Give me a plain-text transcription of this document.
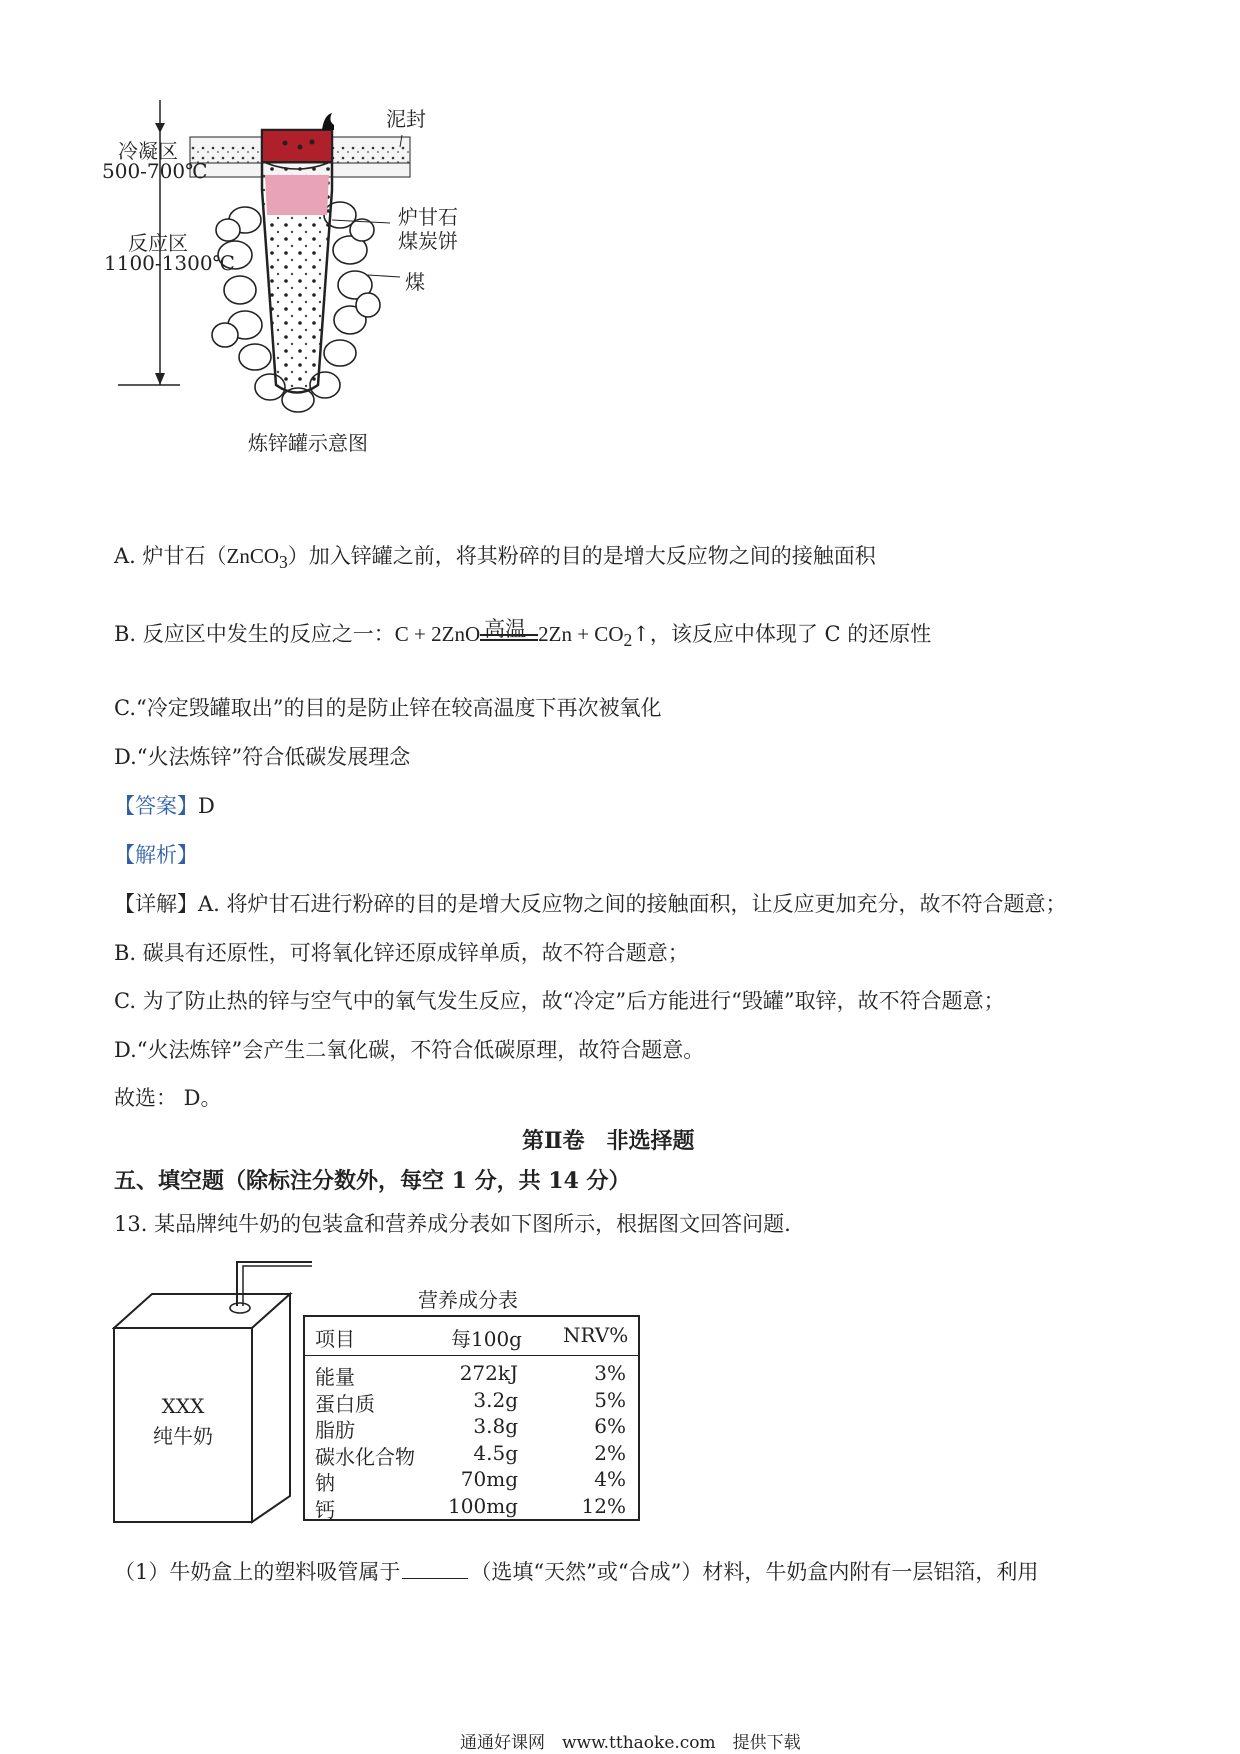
泥封
冷凝区
500-700℃
反应区
1100-1300℃
炉甘石
煤炭饼
煤
炼锌罐示意图
A. 炉甘石（ZnCO$_3$）加入锌罐之前，将其粉碎的目的是增大反应物之间的接触面积
B. 反应区中发生的反应之一：C + 2ZnO 高温 $2Zn + CO_2↑$，该反应中体现了 C 的还原性
C.“冷定毁罐取出”的目的是防止锌在较高温度下再次被氧化
D.“火法炼锌”符合低碳发展理念
【答案】D
【解析】
【详解】A. 将炉甘石进行粉碎的目的是增大反应物之间的接触面积，让反应更加充分，故不符合题意；
B. 碳具有还原性，可将氧化锌还原成锌单质，故不符合题意；
C. 为了防止热的锌与空气中的氧气发生反应，故“冷定”后方能进行“毁罐”取锌，故不符合题意；
D.“火法炼锌”会产生二氧化碳，不符合低碳原理，故符合题意。
故选： D。
第Ⅱ卷　非选择题
五、填空题（除标注分数外，每空 1 分，共 14 分）
13. 某品牌纯牛奶的包装盒和营养成分表如下图所示，根据图文回答问题.
XXX
纯牛奶
营养成分表
项目	每100g NRV%
能量	272kJ	3%
蛋白质	3.2g	5%
脂肪	3.8g	6%
碳水化合物	4.5g	2%
钠	70mg	4%
钙	100mg	12%
（1）牛奶盒上的塑料吸管属于	（选填“天然”或“合成”）材料，牛奶盒内附有一层铝箔，利用
通通好课网　www.tthaoke.com　提供下载
